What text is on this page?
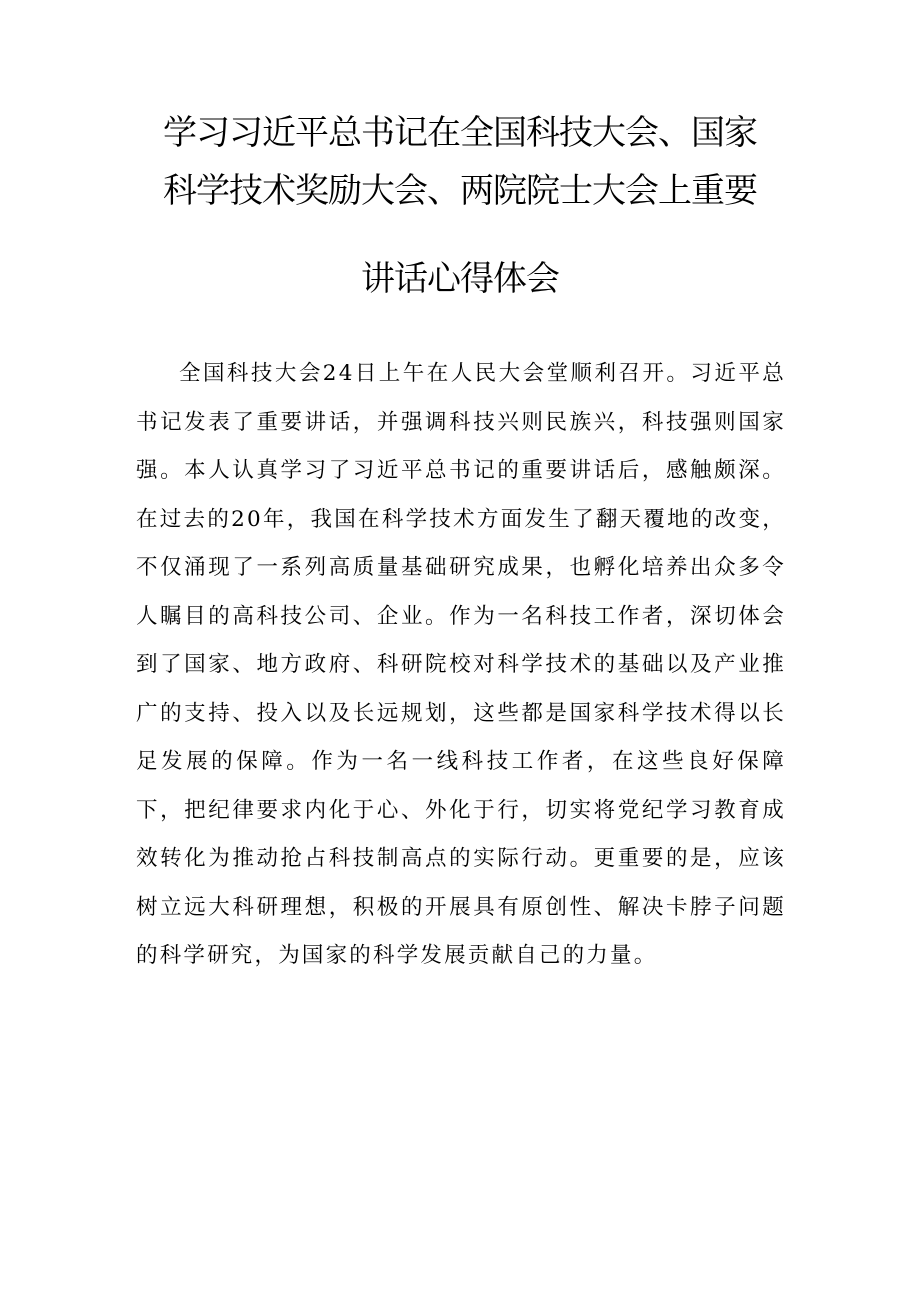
学习习近平总书记在全国科技大会、国家
科学技术奖励大会、两院院士大会上重要
讲话心得体会

全国科技大会24日上午在人民大会堂顺利召开。习近平总书记发表了重要讲话，并强调科技兴则民族兴，科技强则国家强。本人认真学习了习近平总书记的重要讲话后，感触颇深。在过去的20年，我国在科学技术方面发生了翻天覆地的改变，不仅涌现了一系列高质量基础研究成果，也孵化培养出众多令人瞩目的高科技公司、企业。作为一名科技工作者，深切体会到了国家、地方政府、科研院校对科学技术的基础以及产业推广的支持、投入以及长远规划，这些都是国家科学技术得以长足发展的保障。作为一名一线科技工作者，在这些良好保障下，把纪律要求内化于心、外化于行，切实将党纪学习教育成效转化为推动抢占科技制高点的实际行动。更重要的是，应该树立远大科研理想，积极的开展具有原创性、解决卡脖子问题的科学研究，为国家的科学发展贡献自己的力量。
